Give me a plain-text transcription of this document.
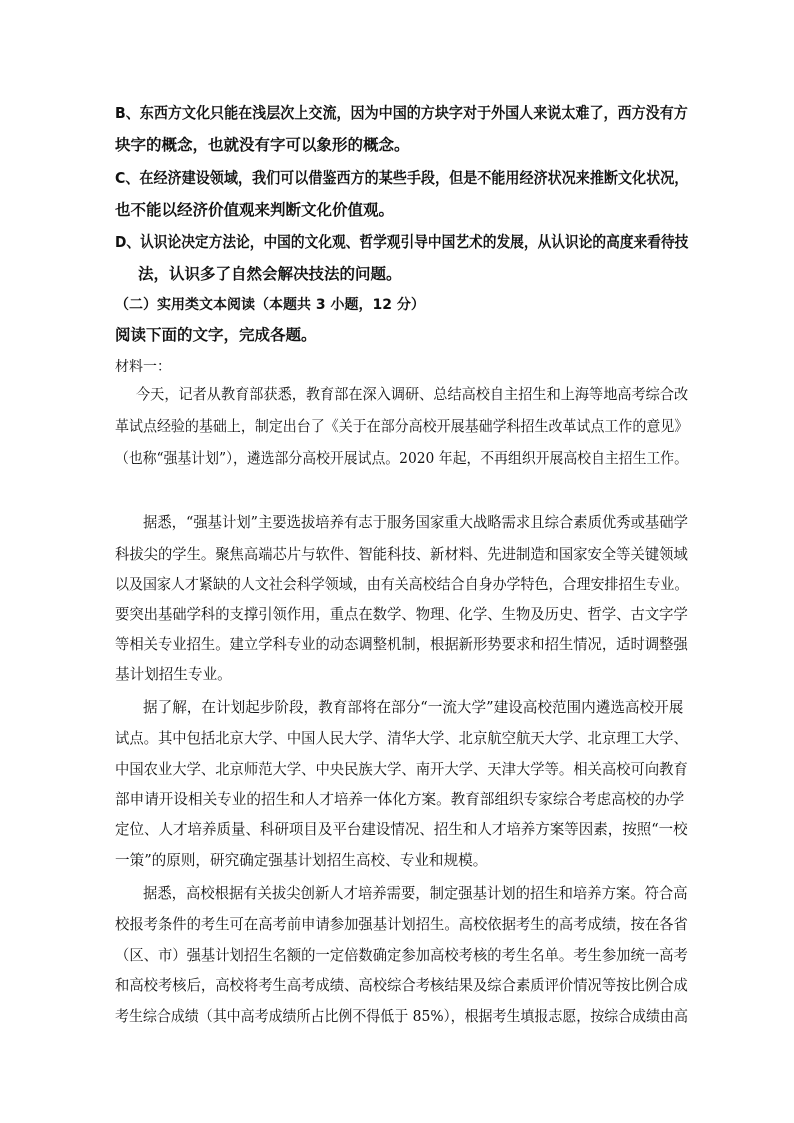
B、东西方文化只能在浅层次上交流，因为中国的方块字对于外国人来说太难了，西方没有方
块字的概念，也就没有字可以象形的概念。
C、在经济建设领域，我们可以借鉴西方的某些手段，但是不能用经济状况来推断文化状况，
也不能以经济价值观来判断文化价值观。
D、认识论决定方法论，中国的文化观、哲学观引导中国艺术的发展，从认识论的高度来看待技
法，认识多了自然会解决技法的问题。
（二）实用类文本阅读（本题共 3 小题，12 分）
阅读下面的文字，完成各题。
材料一：
今天，记者从教育部获悉，教育部在深入调研、总结高校自主招生和上海等地高考综合改
革试点经验的基础上，制定出台了《关于在部分高校开展基础学科招生改革试点工作的意见》
（也称“强基计划”），遴选部分高校开展试点。2020 年起，不再组织开展高校自主招生工作。
据悉，“强基计划”主要选拔培养有志于服务国家重大战略需求且综合素质优秀或基础学
科拔尖的学生。聚焦高端芯片与软件、智能科技、新材料、先进制造和国家安全等关键领域
以及国家人才紧缺的人文社会科学领域，由有关高校结合自身办学特色，合理安排招生专业。
要突出基础学科的支撑引领作用，重点在数学、物理、化学、生物及历史、哲学、古文字学
等相关专业招生。建立学科专业的动态调整机制，根据新形势要求和招生情况，适时调整强
基计划招生专业。
据了解，在计划起步阶段，教育部将在部分“一流大学”建设高校范围内遴选高校开展
试点。其中包括北京大学、中国人民大学、清华大学、北京航空航天大学、北京理工大学、
中国农业大学、北京师范大学、中央民族大学、南开大学、天津大学等。相关高校可向教育
部申请开设相关专业的招生和人才培养一体化方案。教育部组织专家综合考虑高校的办学
定位、人才培养质量、科研项目及平台建设情况、招生和人才培养方案等因素，按照“一校
一策”的原则，研究确定强基计划招生高校、专业和规模。
据悉，高校根据有关拔尖创新人才培养需要，制定强基计划的招生和培养方案。符合高
校报考条件的考生可在高考前申请参加强基计划招生。高校依据考生的高考成绩，按在各省
（区、市）强基计划招生名额的一定倍数确定参加高校考核的考生名单。考生参加统一高考
和高校考核后，高校将考生高考成绩、高校综合考核结果及综合素质评价情况等按比例合成
考生综合成绩（其中高考成绩所占比例不得低于 85%），根据考生填报志愿，按综合成绩由高
